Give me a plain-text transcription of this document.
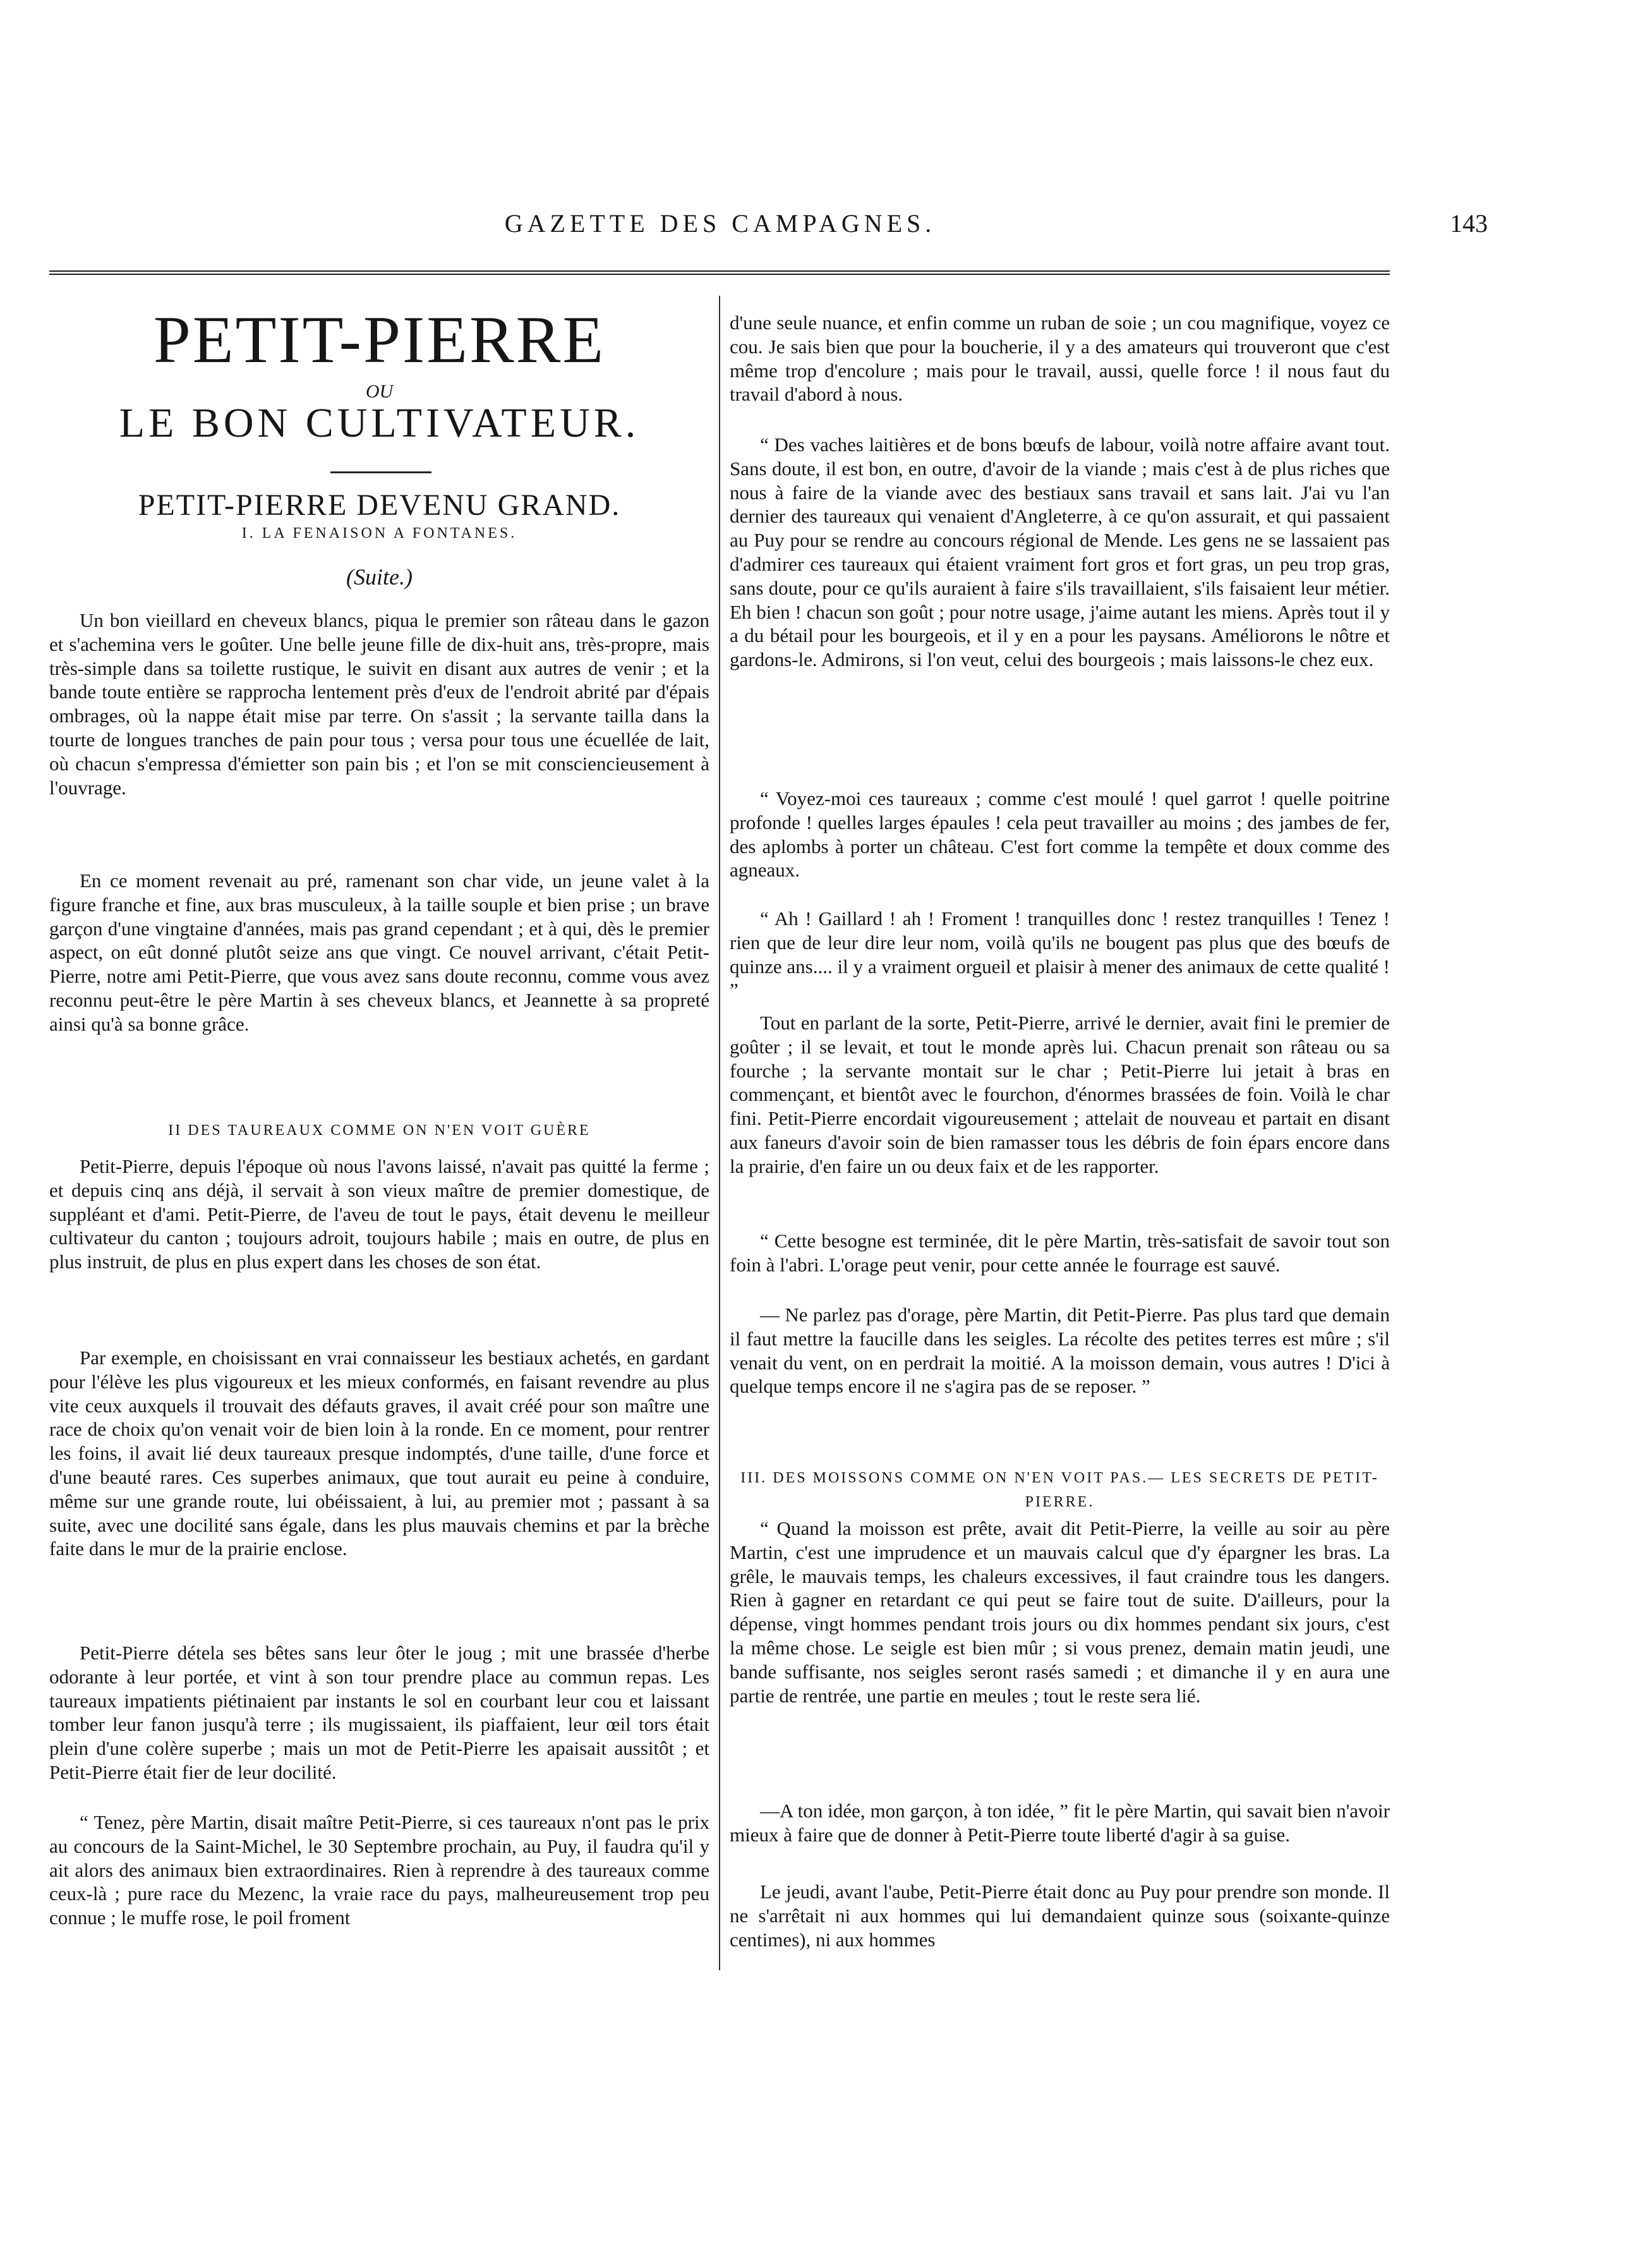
GAZETTE DES CAMPAGNES.	143
PETIT-PIERRE
OU
LE BON CULTIVATEUR.
PETIT-PIERRE DEVENU GRAND.
I. LA FENAISON A FONTANES.
(Suite.)

Un bon vieillard en cheveux blancs, piqua le premier son râteau dans le gazon et s'achemina vers le goûter. Une belle jeune fille de dix-huit ans, très-propre, mais très-simple dans sa toilette rustique, le suivit en disant aux autres de venir ; et la bande toute entière se rapprocha lentement près d'eux de l'endroit abrité par d'épais ombrages, où la nappe était mise par terre. On s'assit ; la servante tailla dans la tourte de longues tranches de pain pour tous ; versa pour tous une écuellée de lait, où chacun s'empressa d'émietter son pain bis ; et l'on se mit consciencieusement à l'ouvrage.

En ce moment revenait au pré, ramenant son char vide, un jeune valet à la figure franche et fine, aux bras musculeux, à la taille souple et bien prise ; un brave garçon d'une vingtaine d'années, mais pas grand cependant ; et à qui, dès le premier aspect, on eût donné plutôt seize ans que vingt. Ce nouvel arrivant, c'était Petit-Pierre, notre ami Petit-Pierre, que vous avez sans doute reconnu, comme vous avez reconnu peut-être le père Martin à ses cheveux blancs, et Jeannette à sa propreté ainsi qu'à sa bonne grâce.

II DES TAUREAUX COMME ON N'EN VOIT GUÈRE

Petit-Pierre, depuis l'époque où nous l'avons laissé, n'avait pas quitté la ferme ; et depuis cinq ans déjà, il servait à son vieux maître de premier domestique, de suppléant et d'ami. Petit-Pierre, de l'aveu de tout le pays, était devenu le meilleur cultivateur du canton ; toujours adroit, toujours habile ; mais en outre, de plus en plus instruit, de plus en plus expert dans les choses de son état.

Par exemple, en choisissant en vrai connaisseur les bestiaux achetés, en gardant pour l'élève les plus vigoureux et les mieux conformés, en faisant revendre au plus vite ceux auxquels il trouvait des défauts graves, il avait créé pour son maître une race de choix qu'on venait voir de bien loin à la ronde. En ce moment, pour rentrer les foins, il avait lié deux taureaux presque indomptés, d'une taille, d'une force et d'une beauté rares. Ces superbes animaux, que tout aurait eu peine à conduire, même sur une grande route, lui obéissaient, à lui, au premier mot ; passant à sa suite, avec une docilité sans égale, dans les plus mauvais chemins et par la brèche faite dans le mur de la prairie enclose.

Petit-Pierre dételа ses bêtes sans leur ôter le joug ; mit une brassée d'herbe odorante à leur portée, et vint à son tour prendre place au commun repas. Les taureaux impatients piétinaient par instants le sol en courbant leur cou et laissant tomber leur fanon jusqu'à terre ; ils mugissaient, ils piaffaient, leur œil tors était plein d'une colère superbe ; mais un mot de Petit-Pierre les apaisait aussitôt ; et Petit-Pierre était fier de leur docilité.

“ Tenez, père Martin, disait maître Petit-Pierre, si ces taureaux n'ont pas le prix au concours de la Saint-Michel, le 30 Septembre prochain, au Puy, il faudra qu'il y ait alors des animaux bien extraordinaires. Rien à reprendre à des taureaux comme ceux-là ; pure race du Mezenc, la vraie race du pays, malheureusement trop peu connue ; le muffe rose, le poil froment

d'une seule nuance, et enfin comme un ruban de soie ; un cou magnifique, voyez ce cou. Je sais bien que pour la boucherie, il y a des amateurs qui trouveront que c'est même trop d'encolure ; mais pour le travail, aussi, quelle force ! il nous faut du travail d'abord à nous.

“ Des vaches laitières et de bons bœufs de labour, voilà notre affaire avant tout. Sans doute, il est bon, en outre, d'avoir de la viande ; mais c'est à de plus riches que nous à faire de la viande avec des bestiaux sans travail et sans lait. J'ai vu l'an dernier des taureaux qui venaient d'Angleterre, à ce qu'on assurait, et qui passaient au Puy pour se rendre au concours régional de Mende. Les gens ne se lassaient pas d'admirer ces taureaux qui étaient vraiment fort gros et fort gras, un peu trop gras, sans doute, pour ce qu'ils auraient à faire s'ils travaillaient, s'ils faisaient leur métier. Eh bien ! chacun son goût ; pour notre usage, j'aime autant les miens. Après tout il y a du bétail pour les bourgeois, et il y en a pour les paysans. Améliorons le nôtre et gardons-le. Admirons, si l'on veut, celui des bourgeois ; mais laissons-le chez eux.

“ Voyez-moi ces taureaux ; comme c'est moulé ! quel garrot ! quelle poitrine profonde ! quelles larges épaules ! cela peut travailler au moins ; des jambes de fer, des aplombs à porter un château. C'est fort comme la tempête et doux comme des agneaux.

“ Ah ! Gaillard ! ah ! Froment ! tranquilles donc ! restez tranquilles ! Tenez ! rien que de leur dire leur nom, voilà qu'ils ne bougent pas plus que des bœufs de quinze ans.... il y a vraiment orgueil et plaisir à mener des animaux de cette qualité ! ”

Tout en parlant de la sorte, Petit-Pierre, arrivé le dernier, avait fini le premier de goûter ; il se levait, et tout le monde après lui. Chacun prenait son râteau ou sa fourche ; la servante montait sur le char ; Petit-Pierre lui jetait à bras en commençant, et bientôt avec le fourchon, d'énormes brassées de foin. Voilà le char fini. Petit-Pierre encordait vigoureusement ; attelait de nouveau et partait en disant aux faneurs d'avoir soin de bien ramasser tous les débris de foin épars encore dans la prairie, d'en faire un ou deux faix et de les rapporter.

“ Cette besogne est terminée, dit le père Martin, très-satisfait de savoir tout son foin à l'abri. L'orage peut venir, pour cette année le fourrage est sauvé.

— Ne parlez pas d'orage, père Martin, dit Petit-Pierre. Pas plus tard que demain il faut mettre la faucille dans les seigles. La récolte des petites terres est mûre ; s'il venait du vent, on en perdrait la moitié. A la moisson demain, vous autres ! D'ici à quelque temps encore il ne s'agira pas de se reposer. ”

III. DES MOISSONS COMME ON N'EN VOIT PAS.— LES SECRETS DE PETIT-PIERRE.

“ Quand la moisson est prête, avait dit Petit-Pierre, la veille au soir au père Martin, c'est une imprudence et un mauvais calcul que d'y épargner les bras. La grêle, le mauvais temps, les chaleurs excessives, il faut craindre tous les dangers. Rien à gagner en retardant ce qui peut se faire tout de suite. D'ailleurs, pour la dépense, vingt hommes pendant trois jours ou dix hommes pendant six jours, c'est la même chose. Le seigle est bien mûr ; si vous prenez, demain matin jeudi, une bande suffisante, nos seigles seront rasés samedi ; et dimanche il y en aura une partie de rentrée, une partie en meules ; tout le reste sera lié.

—A ton idée, mon garçon, à ton idée, ” fit le père Martin, qui savait bien n'avoir mieux à faire que de donner à Petit-Pierre toute liberté d'agir à sa guise.

Le jeudi, avant l'aube, Petit-Pierre était donc au Puy pour prendre son monde. Il ne s'arrêtait ni aux hommes qui lui demandaient quinze sous (soixante-quinze centimes), ni aux hommes
